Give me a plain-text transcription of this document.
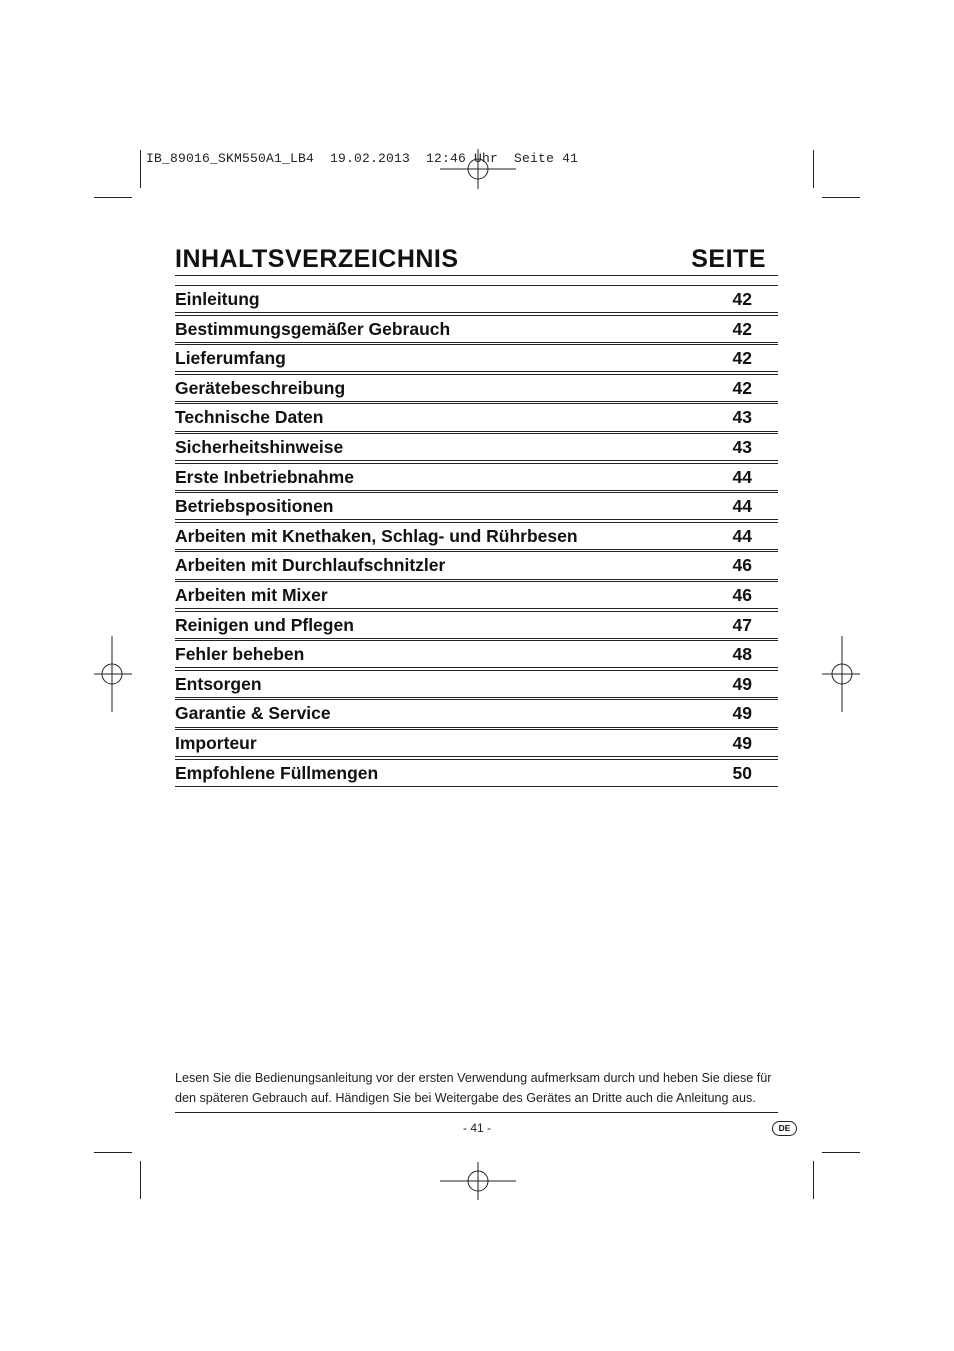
IB_89016_SKM550A1_LB4  19.02.2013  12:46 Uhr  Seite 41
INHALTSVERZEICHNIS	SEITE
Einleitung	42
Bestimmungsgemäßer Gebrauch	42
Lieferumfang	42
Gerätebeschreibung	42
Technische Daten	43
Sicherheitshinweise	43
Erste Inbetriebnahme	44
Betriebspositionen	44
Arbeiten mit Knethaken, Schlag- und Rührbesen	44
Arbeiten mit Durchlaufschnitzler	46
Arbeiten mit Mixer	46
Reinigen und Pflegen	47
Fehler beheben	48
Entsorgen	49
Garantie & Service	49
Importeur	49
Empfohlene Füllmengen	50
Lesen Sie die Bedienungsanleitung vor der ersten Verwendung aufmerksam durch und heben Sie diese für den späteren Gebrauch auf. Händigen Sie bei Weitergabe des Gerätes an Dritte auch die Anleitung aus.
- 41 -	DE
